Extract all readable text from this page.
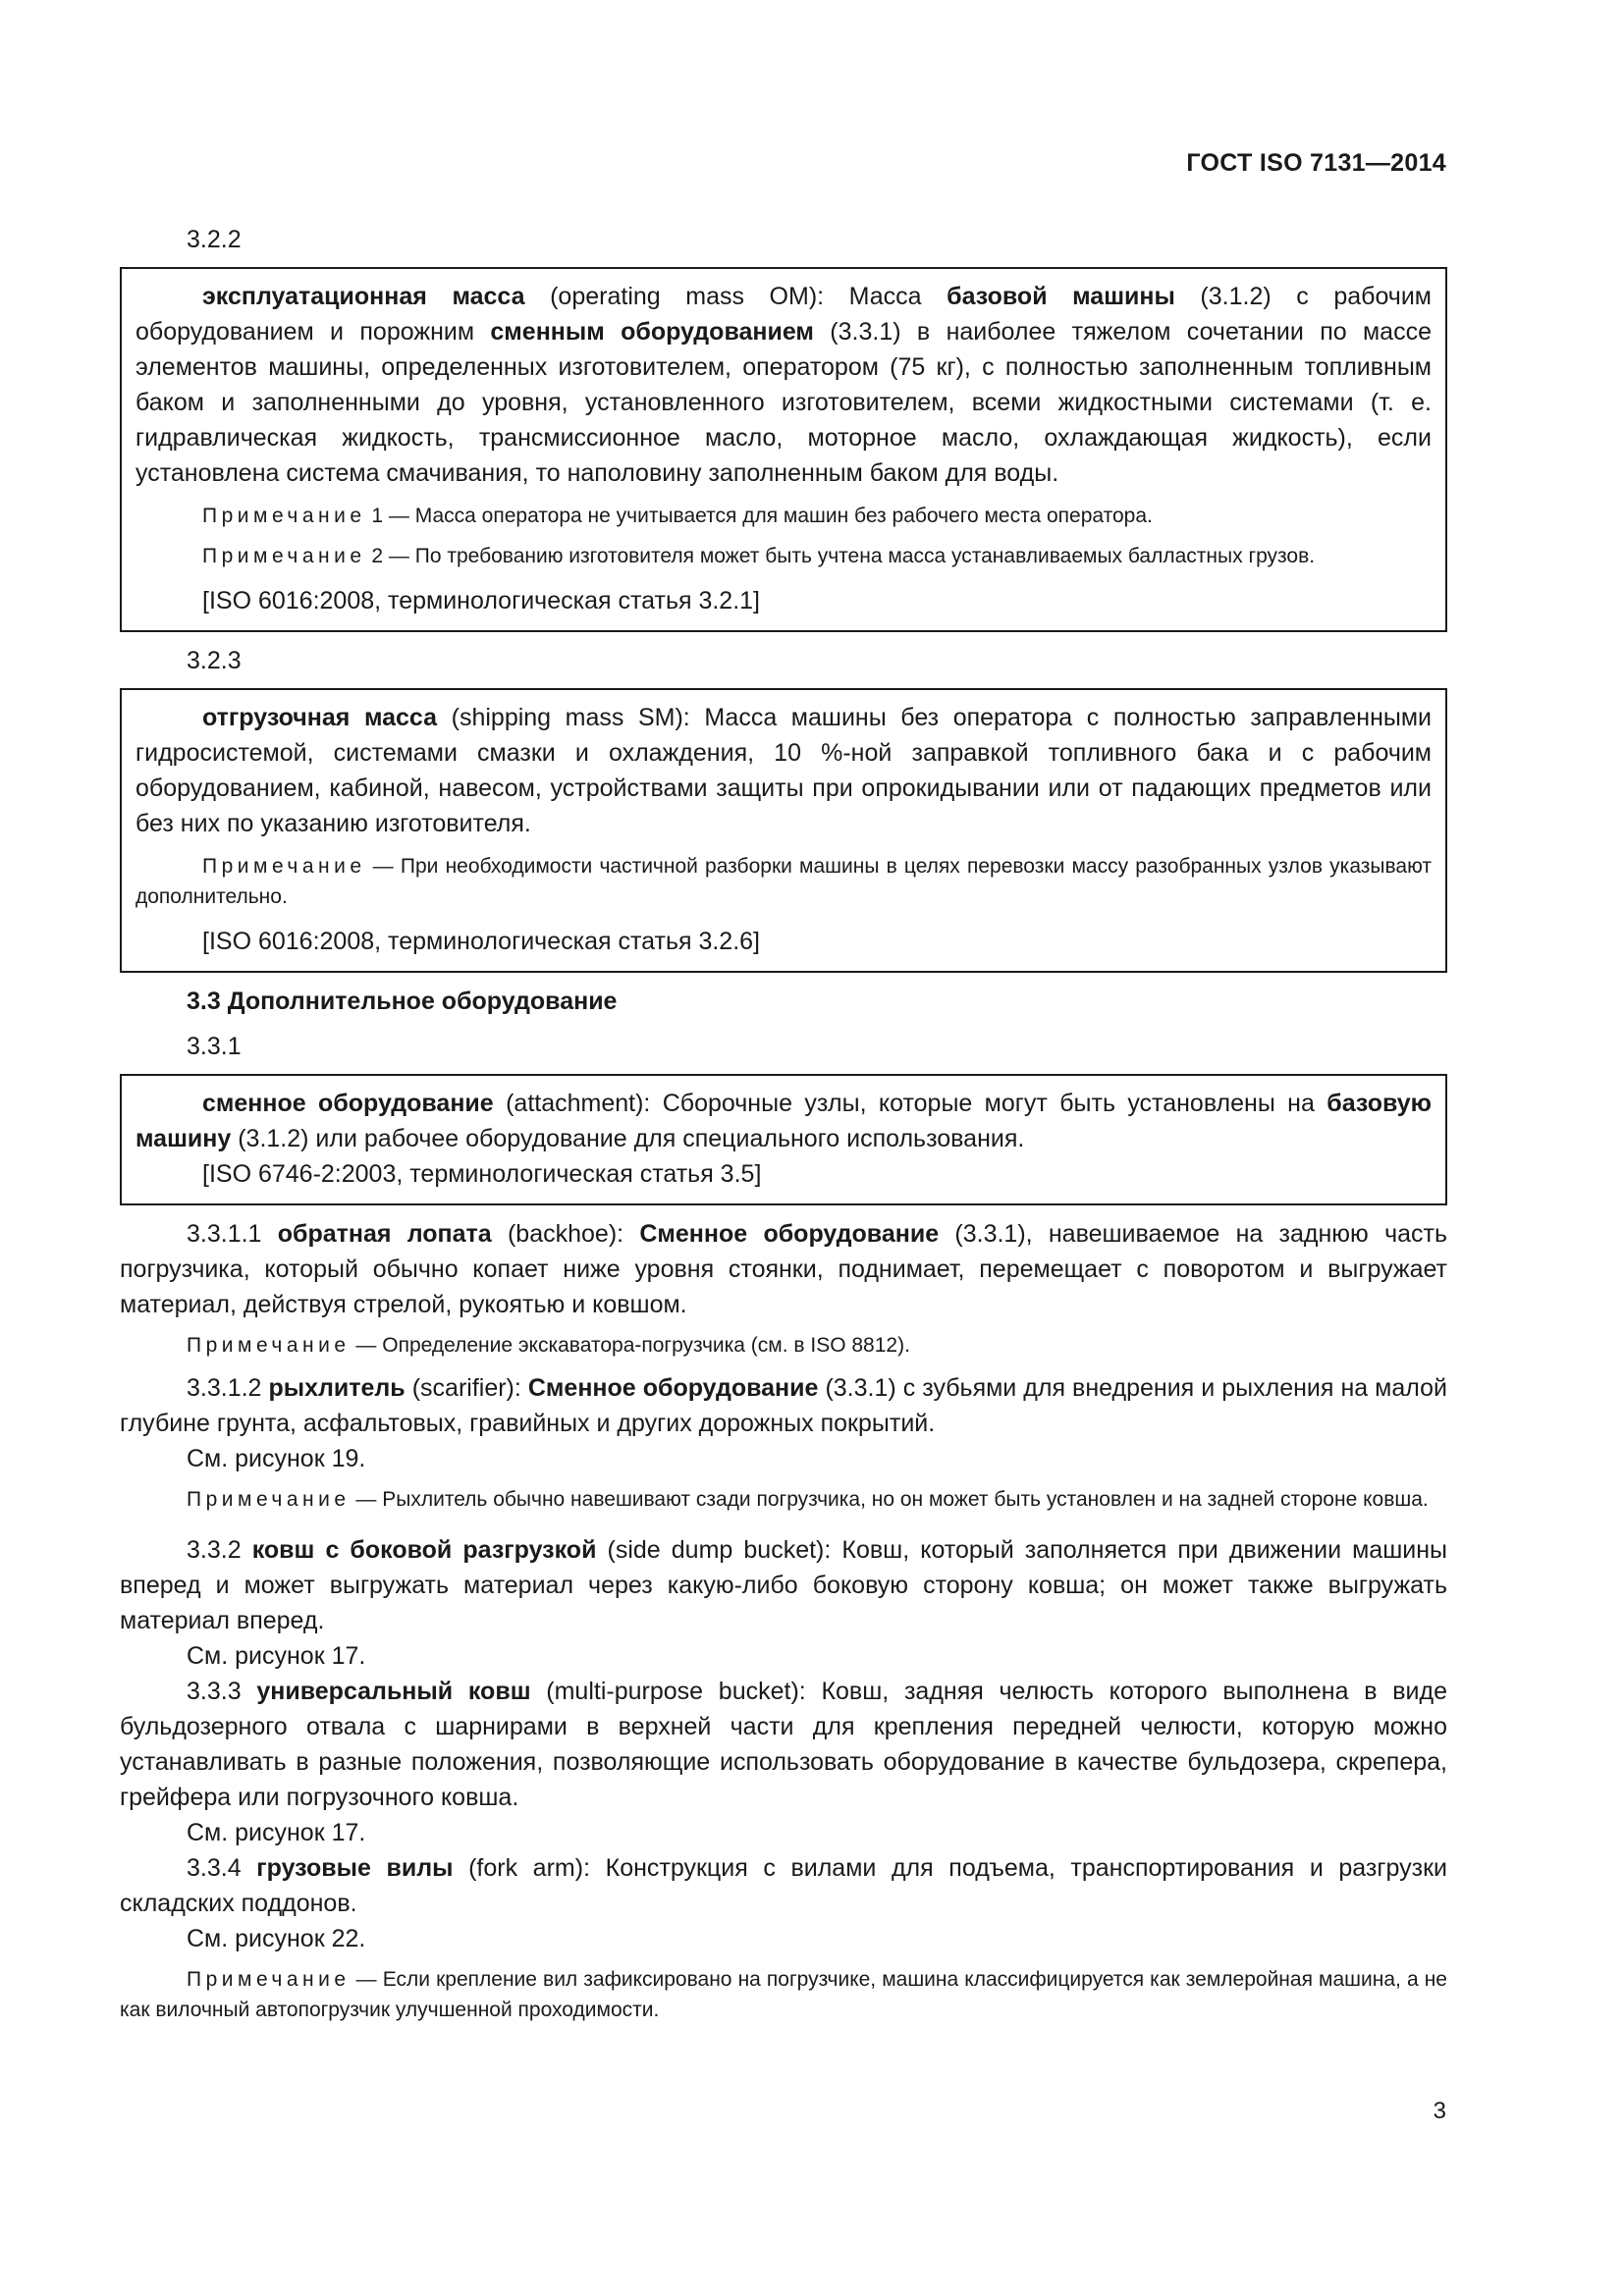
ГОСТ ISO 7131—2014
3.2.2

эксплуатационная масса (operating mass OM): Масса базовой машины (3.1.2) с рабочим оборудованием и порожним сменным оборудованием (3.3.1) в наиболее тяжелом сочетании по массе элементов машины, определенных изготовителем, оператором (75 кг), с полностью заполненным топливным баком и заполненными до уровня, установленного изготовителем, всеми жидкостными системами (т. е. гидравлическая жидкость, трансмиссионное масло, моторное масло, охлаждающая жидкость), если установлена система смачивания, то наполовину заполненным баком для воды.

Примечание 1 — Масса оператора не учитывается для машин без рабочего места оператора.

Примечание 2 — По требованию изготовителя может быть учтена масса устанавливаемых балластных грузов.

[ISO 6016:2008, терминологическая статья 3.2.1]

3.2.3

отгрузочная масса (shipping mass SM): Масса машины без оператора с полностью заправленными гидросистемой, системами смазки и охлаждения, 10 %-ной заправкой топливного бака и с рабочим оборудованием, кабиной, навесом, устройствами защиты при опрокидывании или от падающих предметов или без них по указанию изготовителя.

Примечание — При необходимости частичной разборки машины в целях перевозки массу разобранных узлов указывают дополнительно.

[ISO 6016:2008, терминологическая статья 3.2.6]

3.3 Дополнительное оборудование
3.3.1

сменное оборудование (attachment): Сборочные узлы, которые могут быть установлены на базовую машину (3.1.2) или рабочее оборудование для специального использования.

[ISO 6746-2:2003, терминологическая статья 3.5]

3.3.1.1 обратная лопата (backhoe): Сменное оборудование (3.3.1), навешиваемое на заднюю часть погрузчика, который обычно копает ниже уровня стоянки, поднимает, перемещает с поворотом и выгружает материал, действуя стрелой, рукоятью и ковшом.

Примечание — Определение экскаватора-погрузчика (см. в ISO 8812).

3.3.1.2 рыхлитель (scarifier): Сменное оборудование (3.3.1) с зубьями для внедрения и рыхления на малой глубине грунта, асфальтовых, гравийных и других дорожных покрытий.

См. рисунок 19.

Примечание — Рыхлитель обычно навешивают сзади погрузчика, но он может быть установлен и на задней стороне ковша.

3.3.2 ковш с боковой разгрузкой (side dump bucket): Ковш, который заполняется при движении машины вперед и может выгружать материал через какую-либо боковую сторону ковша; он может также выгружать материал вперед.

См. рисунок 17.

3.3.3 универсальный ковш (multi-purpose bucket): Ковш, задняя челюсть которого выполнена в виде бульдозерного отвала с шарнирами в верхней части для крепления передней челюсти, которую можно устанавливать в разные положения, позволяющие использовать оборудование в качестве бульдозера, скрепера, грейфера или погрузочного ковша.

См. рисунок 17.

3.3.4 грузовые вилы (fork arm): Конструкция с вилами для подъема, транспортирования и разгрузки складских поддонов.

См. рисунок 22.

Примечание — Если крепление вил зафиксировано на погрузчике, машина классифицируется как землеройная машина, а не как вилочный автопогрузчик улучшенной проходимости.

3
